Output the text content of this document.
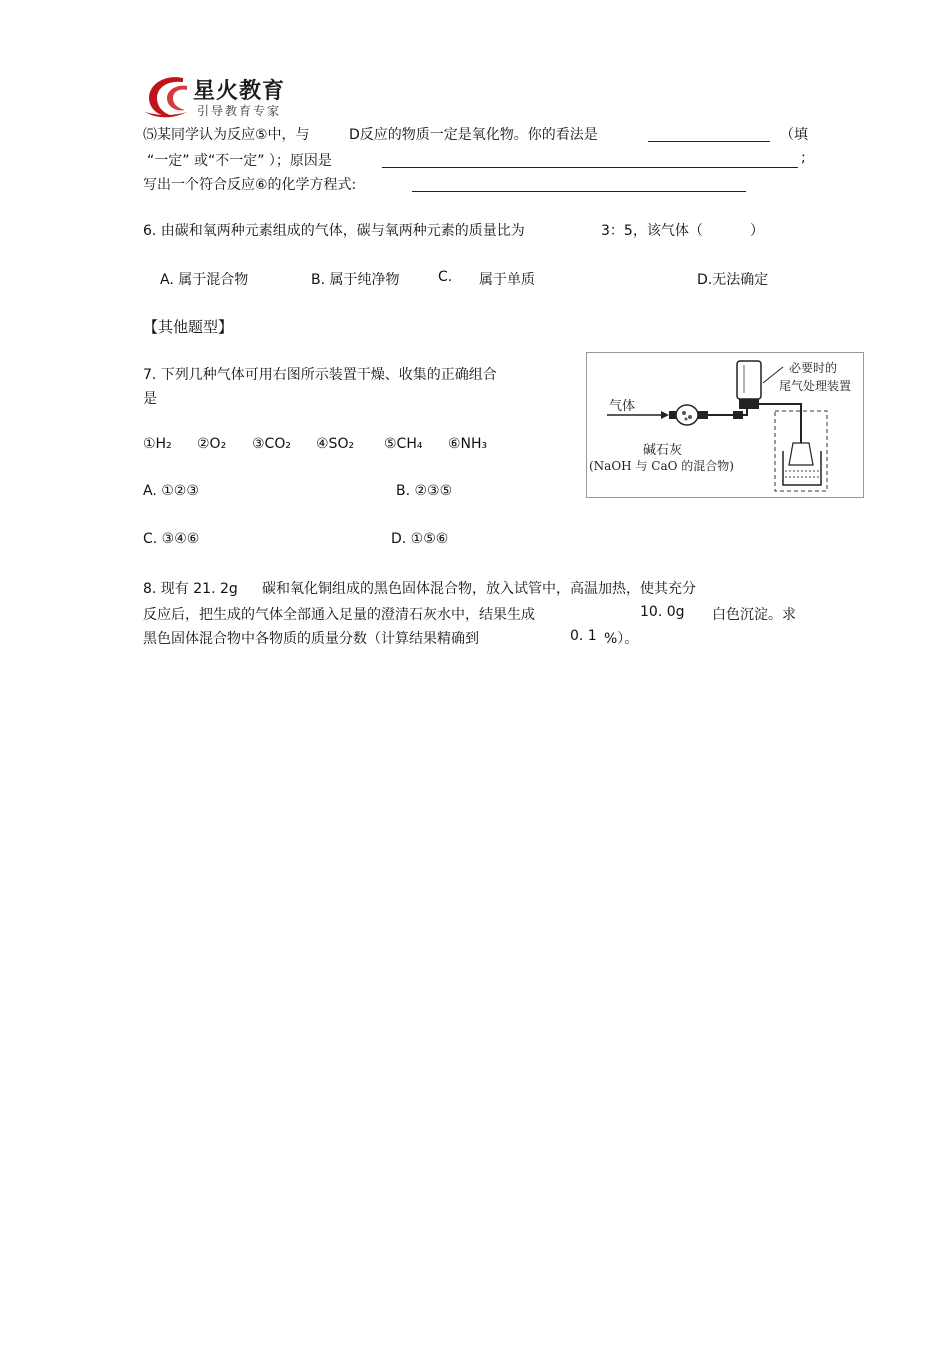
星火教育
引导教育专家
⑸某同学认为反应⑤中，与	D反应的物质一定是氧化物。你的看法是	（填
“一定” 或“不一定” ）；原因是	;
写出一个符合反应⑥的化学方程式:
6. 由碳和氧两种元素组成的气体，碳与氧两种元素的质量比为	3：5，该气体（	）
A. 属于混合物	B. 属于纯净物	C. 属于单质	D.无法确定
【其他题型】
7. 下列几种气体可用右图所示装置干燥、收集的正确组合
是
①H₂ ②O₂ ③CO₂ ④SO₂ ⑤CH₄ ⑥NH₃
A. ①②③	B. ②③⑤
C. ③④⑥	D. ①⑤⑥
气体
碱石灰
(NaOH 与 CaO 的混合物)
必要时的
尾气处理装置
8. 现有 21. 2g 碳和氧化铜组成的黑色固体混合物，放入试管中，高温加热，使其充分
反应后，把生成的气体全部通入足量的澄清石灰水中，结果生成	10. 0g 白色沉淀。求
黑色固体混合物中各物质的质量分数（计算结果精确到	0. 1 %）。
